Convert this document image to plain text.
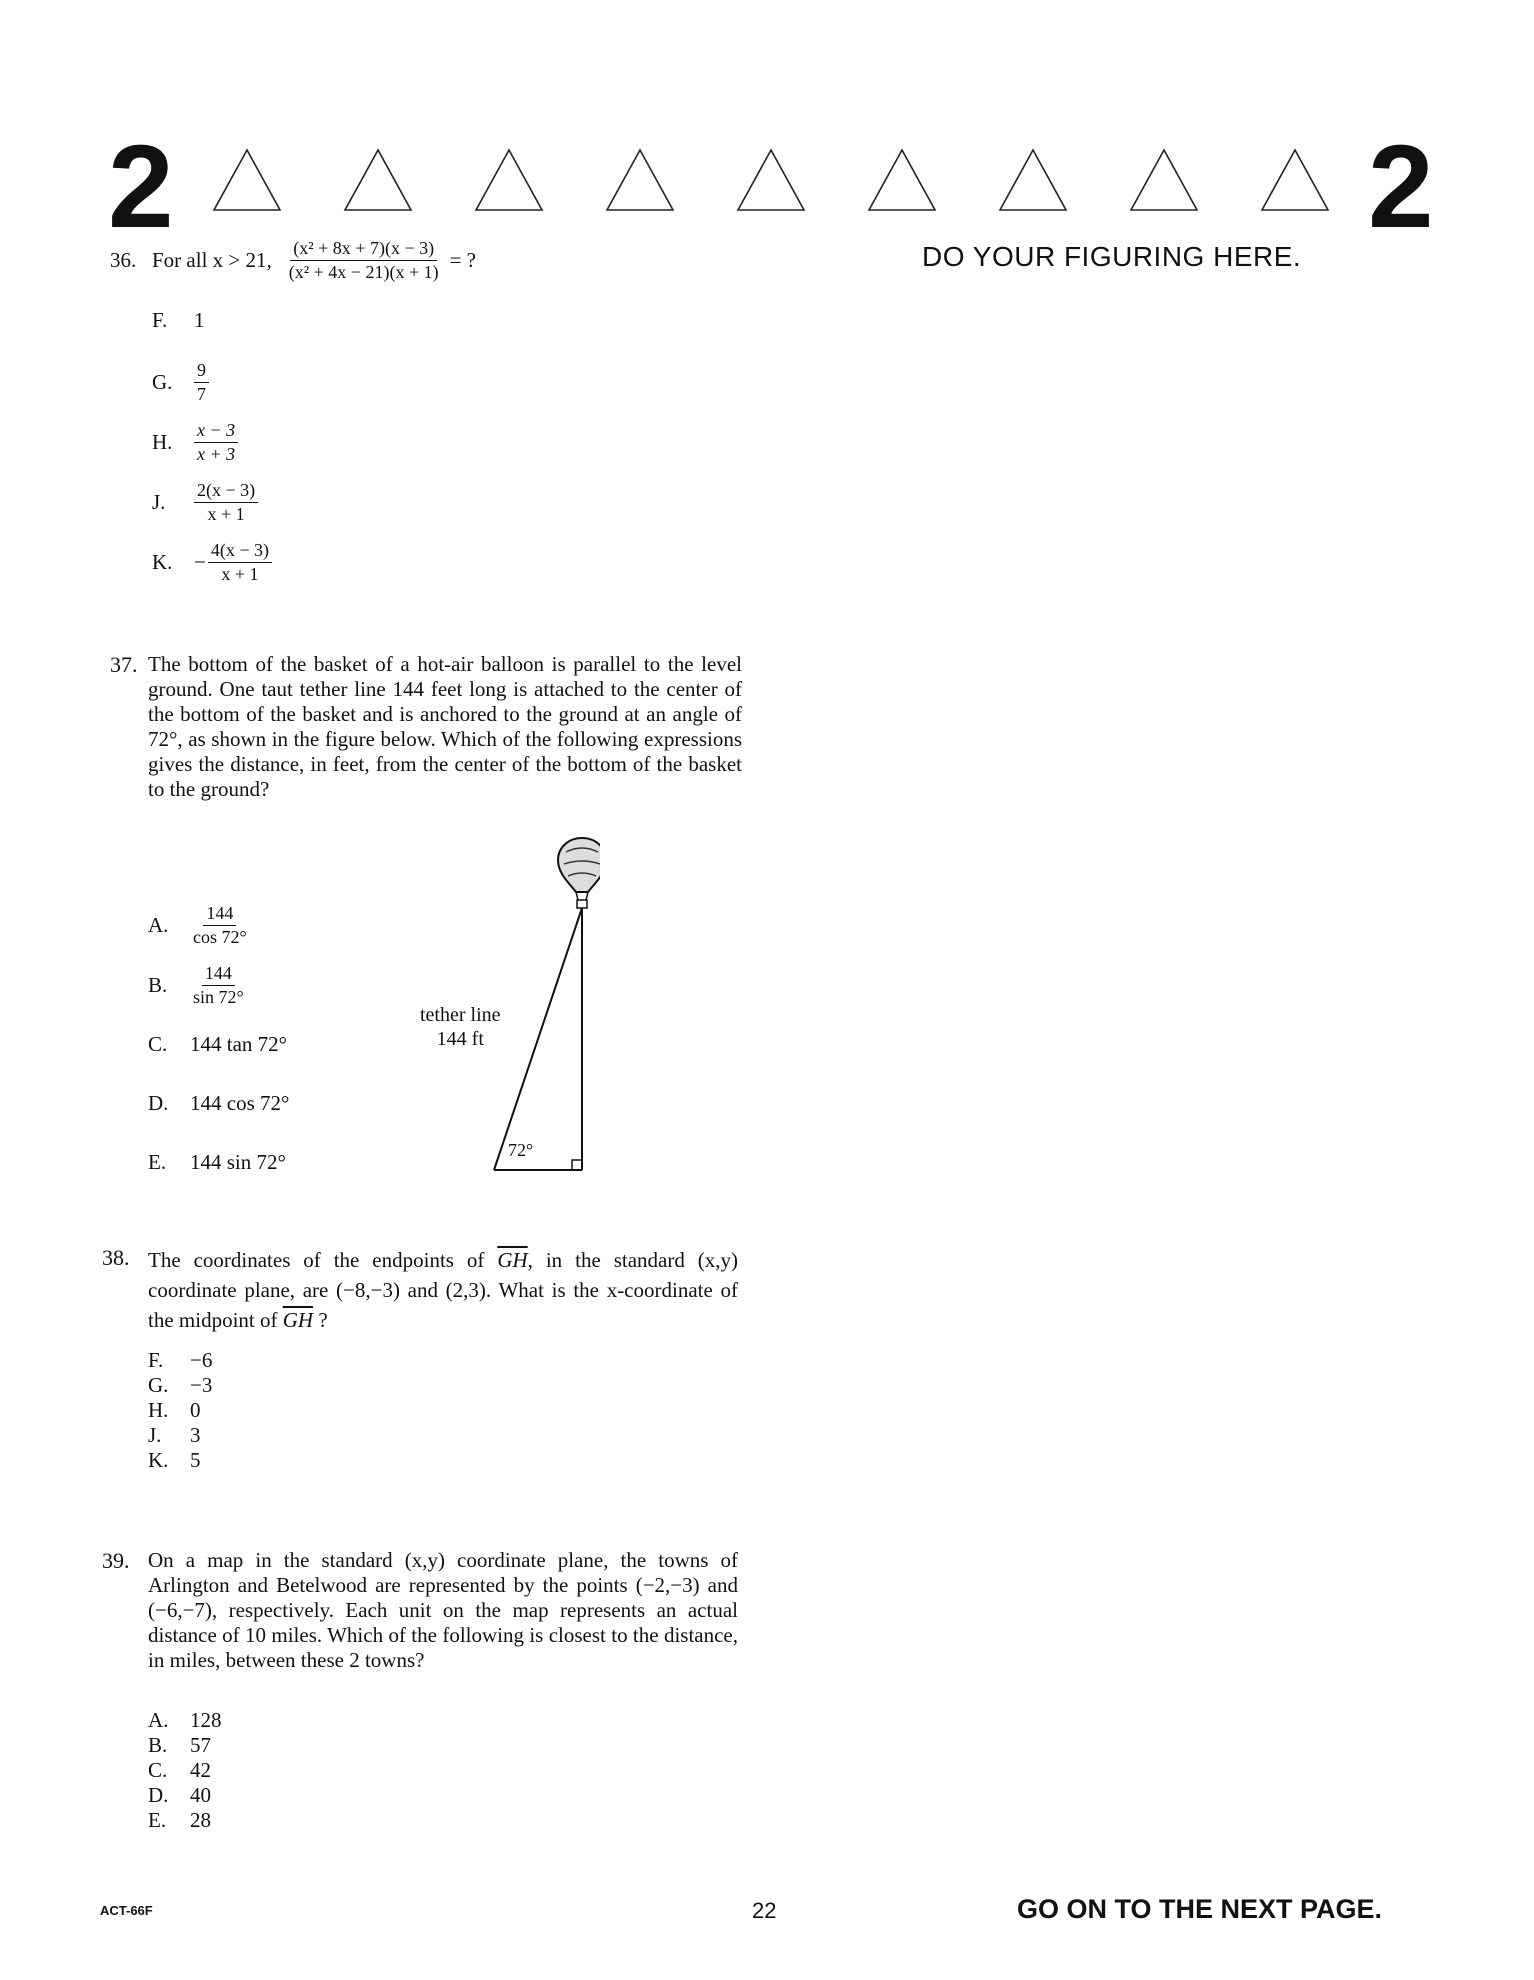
2	2
DO YOUR FIGURING HERE.
36. For all x > 21, $\frac{\text{(x² + 8x + 7)(x − 3)}}{\text{(x² + 4x − 21)(x + 1)}}$ = ?
F.	1
G.	$\frac{9}{7}$
H.	$\frac{x - 3}{x + 3}$
J.	$\frac{2(x - 3)}{x + 1}$
K.	− $\frac{4(x - 3)}{x + 1}$
37. The bottom of the basket of a hot-air balloon is parallel to the level ground. One taut tether line 144 feet long is attached to the center of the bottom of the basket and is anchored to the ground at an angle of 72°, as shown in the figure below. Which of the following expressions gives the distance, in feet, from the center of the bottom of the basket to the ground?
A.	$\frac{144}{\cos 72^\circ}$
B.	$\frac{144}{\sin 72^\circ}$
C.	144 tan 72°
D.	144 cos 72°
E.	144 sin 72°
tether line
144 ft
72°
38. The coordinates of the endpoints of $\overline{GH}$, in the standard (x,y) coordinate plane, are (−8,−3) and (2,3). What is the x-coordinate of the midpoint of $\overline{GH}$ ?
F.	−6
G.	−3
H.	0
J.	3
K.	5
39. On a map in the standard (x,y) coordinate plane, the towns of Arlington and Betelwood are represented by the points (−2,−3) and (−6,−7), respectively. Each unit on the map represents an actual distance of 10 miles. Which of the following is closest to the distance, in miles, between these 2 towns?
A.	128
B.	57
C.	42
D.	40
E.	28
ACT-66F	22	GO ON TO THE NEXT PAGE.
